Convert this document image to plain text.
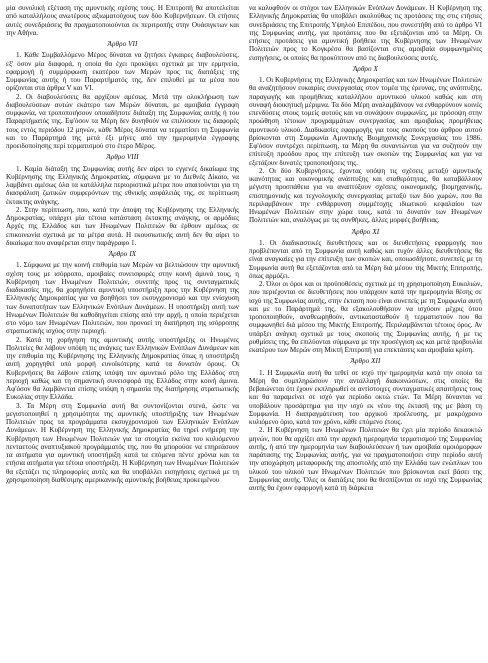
μία συνολική εξέταση της αμυντικής σχέσης τους. Η Επιτροπή θα αποτελείται από καταλλήλους ανωτέρους αξιωματούχους των δύο Κυβερνήσεων. Οι ετήσιες αυτές συνεδριάσεις θα πραγματοποιούνται εκ περιτροπής στην Ουάσιγκτων και την Αθήνα.

Άρθρο VII

1. Κάθε Συμβαλλόμενο Μέρος δύναται να ζητήσει έγκαιρες διαβουλεύσεις, εξ' όσον μία διαφορά, η οποία θα έχει προκύψει σχετικά με την ερμηνεία, εφαρμογή ή συμμόρφωση εκατέρου των Μερών προς τις διατάξεις της Συμφωνίας αυτής ή του Παραρτήματός της, δεν επιλυθεί με τα μέσα που ορίζονται στα άρθρα V και VI.

2. Οι διαβουλεύσεις θα αρχίζουν αμέσως. Μετά την ολοκλήρωση των διαβουλεύσεων αυτών εκάτερο των Μερών δύναται, με αμοιβαία έγγραφη συμφωνία, να τροποποιήσουν οποιαδήποτε διάταξη της Συμφωνίας αυτής ή του Παραρτήματός της. Εφ'όσον τα Μέρη δεν δυνηθούν να επιλύσουν τις διαφορές τους εντός περιόδου 12 μηνών, κάθε Μέρος δύναται να τερματίσει τη Συμφωνία και το Παράρτημά της μετά έξι μήνες από την ημερομηνία έγγραφης προειδοποίησης περί τερματισμού στο έτερο Μέρος.

Άρθρο VIII

1. Καμία διάταξη της Συμφωνίας αυτής δεν αίρει το εγγενές δικαίωμα της Κυβέρνησης της Ελληνικής Δημοκρατίας, σύμφωνα με το Διεθνές Δίκαιο, να λαμβάνει αμέσως όλα τα κατάλληλα περιοριστικά μέτρα που απαιτούνται για τη διασφάλιση ζωτικών συμφερόντων της εθνικής ασφάλειάς της, σε περίπτωση έκτακτης ανάγκης.

2. Στην περίπτωση, που, κατά την άποψη της Κυβέρνησης της Ελληνικής Δημοκρατίας, υπάρχει μία τέτοια κατάσταση έκτακτης ανάγκης, οι αρμόδιες Αρχές της Ελλάδος και των Ηνωμένων Πολιτειών θα έρθουν αμέσως σε επικοινωνία σχετικά με τα μέτρα αυτά. Η εκουσιωτικής αυτή δεν θα αίρει το δικαίωμα που αναφέρεται στην παράγραφο 1.

Άρθρο IX

1. Σύμφωνα με την κοινή επιθυμία των Μερών να βελτιώσουν την αμυντική σχέση τους με ισόρροπο, αμοιβαίες συνεισφορές στην κοινή άμυνά τους, η Κυβέρνηση των Ηνωμένων Πολιτειών, συνεπής προς τις συνταγματικές διαδικασίες της, θα χορηγήσει αμυντική υποστήριξη προς την Κυβέρνηση της Ελληνικής Δημοκρατίας για να βοηθήσει τον εκσυγχρονισμό και την ενίσχυση των δυνατοτήτων των Ελληνικών Ενόπλων Δυνάμεων. Η υποστήριξη αυτή των Ηνωμένων Πολιτειών θα καθοδηγείται επίσης από την αρχή, η οποία περιέχεται στο νόμο των Ηνωμένων Πολιτειών, που προνοεί τη διατήρηση της ισόρροπης στρατιωτικής ισχύος στην περιοχή.

2. Κατά τη χορήγηση της αμυντικής αυτής υποστήριξης οι Ηνωμένες Πολιτείες θα λάβουν υπόψη τις ανάγκες των Ελληνικών Ενόπλων Δυνάμεων και την επιθυμία της Κυβέρνησης της Ελληνικής Δημοκρατίας όπως η υποστήριξη αυτή χορηγηθεί υπό μορφή ευνοϊκότερης κατά τα δυνατόν όρους. Οι Κυβερνήσεις θα λάβουν επίσης υπόψη τον αμυντικό ρόλο της Ελλάδος στη περιοχή καθώς και τη σημαντική συνεισφορά της Ελλάδος στην κοινή άμυνα. Αφ'όσον θα λαμβάνεται επίσης υπόψη η σημασία της διατήρησης στρατιωτικής Ευκολίας στην Ελλάδα.

3. Τα Μέρη στη Συμφωνία αυτή θα συντονίζονται στενά, ώστε να μεγιστοποιηθεί η χρησιμότητα της αμυντικής υποστήριξης των Ηνωμένων Πολιτειών προς τα προγράμματα εκσυγχρονισμού των Ελληνικών Ενόπλων Δυνάμεων. Η Κυβέρνηση της Ελληνικής Δημοκρατίας θα τηρεί ενήμερη την Κυβέρνηση των Ηνωμένων Πολιτειών για τα στοιχεία εκείνα του κυλιόμενου πενταετούς αναπτυξιακού προγράμματός της, που θα μπορούσε να επηρεάσουν τα αιτήματα για αμυντική υποστήριξη κατά τα επόμενα πέντε χρόνια και τα ετήσια αιτήματα για τέτοια υποστήριξη. Η Κυβέρνηση των Ηνωμένων Πολιτειών θα εξετάζει τις πληροφορίες αυτές και θα υποβάλλει εισηγήσεις σχετικά με τη χρησιμοποίηση διαθέσιμης αμερικανικής αμυντικής βοήθειας προκειμένου

να καλυφθούν οι στόχοι των Ελληνικών Ενόπλων Δυνάμεων. Η Κυβέρνηση της Ελληνικής Δημοκρατίας θα υποβάλει ακολούθως τις προτάσεις της στις ετήσιες συνεδριάσεις της Επιτροπής Υψηλού Επιπέδου, που συνεστήθη από το άρθρο VI της Συμφωνίας αυτής, για προτάσεις που θα εξετάζονται από τα Μέρη. Οι ετήσιες προτάσεις για αμυντική βοήθεια της Κυβέρνησης των Ηνωμένων Πολιτειών προς το Κογκρέσο θα βασίζονται στις αμοιβαία συμφωνημένες εισηγήσεις, οι οποίες θα προκύπτουν από τις διαβουλεύσεις αυτές.

Άρθρο X

1. Οι Κυβερνήσεις της Ελληνικής Δημοκρατίας και των Ηνωμένων Πολιτειών θα αναζητήσουν ευκαιρίες συνεργασίας στον τομέα της έρευνας, της ανάπτυξης, παραγωγής και προμήθειας καταλλήλου αμυντικού υλικού καθώς και στη συναφή διοικητική μέριμνα. Τα δύο Μέρη αναλαμβάνουν να ενθαρρύνουν κοινές επενδύσεις στους τομείς αυτούς και να συνάψουν συμφωνίες, με πρόσοψη στην προώθηση τέτοιων προγραμμάτων συνεργασίας και αμοιβαίως προμήθειας αμυντικού υλικού. Διαδικασίες εφαρμογής για τους σκοπούς του άρθρου αυτού βρίσκονται στη Συμφωνία Αμυντικής Βιομηχανικής Συνεργασίας του 1986. Εφ'όσον συντρέχει περίπτωση, τα Μέρη θα συναντώνται για να συζητούν την επίτευξη προόδου προς την επίτευξη των σκοπών της Συμφωνίας και για να εξετάζουν δυνατές τροποποιήσεις της.

2. Οι δύο Κυβερνήσεις, έχοντας υπόψη τις σχέσεις μεταξύ αμυντικής ικανότητας και οικονομικής ανάπτυξης και σταθερότητας, θα καταβάλλουν μέγιστη προσπάθεια για να αναπτύξουν σχέσεις οικονομικής, βιομηχανικής, επιστημονικής και τεχνολογικής συνεργασίας μεταξύ των δύο χωρών, που θα περιλαμβάνουν την ενθάρρυνση συμμέτοχης ιδιωτικού κεφαλαίου των Ηνωμένων Πολιτειών στην χώρα τους, κατά το δυνατόν των Ηνωμένων Πολιτειών και, αναλόγως με τις συνθήκες, άλλες μορφές βοήθειας.

Άρθρο XI

1. Οι διαδικαστικές διευθετήσεις και οι διευθετήσεις εφαρμογής που προβλέπονται από τη Συμφωνία αυτή καθώς και τυχόν άλλες διευθετήσεις θα είναι αναγκαίες για την επίτευξη των σκοπών και, οποιωσδήποτε, συνεπείς με τη Συμφωνία αυτή θα εξετάζονται από τα Μέρη διά μέσου της Μικτής Επιτροπής, όπως αρμόζει.

2. Όλοι οι όροι και οι προϋποθέσεις σχετικά με τη χρησιμοποίηση Ευκολιών, που περιέχονται σε διευθετήσεις που υπάρχουν κατά την ημερομηνία θέσης σε ισχύ της Συμφωνίας αυτής, στην έκταση που είναι συνεπείς με τη Συμφωνία αυτή και με το Παράρτημά της, θα εξακολουθήσουν να ισχύουν μέχρις ότου τροποποιηθούν, αναθεωρηθούν, αντικατασταθούν ή τερματιστούν που θα συμφωνηθεί διά μέσου της Μικτής Επιτροπής. Περιλαμβάνεται τέτοιος όρος. Αν υπάρξει ανάγκη σχετικά με τους σκοπούς της Συμφωνίας αυτής, ή με τις ρυθμίσεις της, θα επιλύονται σύμφωνα με την προσέγγιση ως και μετά προβουλία εκατέρου των Μερών στη Μικτή Επιτροπή για επεκτάσεις και αμοιβαία κρίση.

Άρθρο XII

1. Η Συμφωνία αυτή θα τεθεί σε ισχύ την ημερομηνία κατά την οποία τα Μέρη θα συμπληρώσουν την ανταλλαγή διακοινώσεων, στις οποίες θα βεβαιώνεται ότι έχουν εκπληρωθεί οι αντίστοιχες συνταγματικές απαιτήσεις τους και θα παραμείνει σε ισχύ για περίοδο οκτώ ετών. Τα Μέρη δύνανται να υποβάλουν προσάρτημα για την ισχύ εκ νέου της έκτασή της με βάση τη Συμφωνία. Η διαπραγμάτευση του αρχικού προέλευσης, με μακρόχρονο κυλιόμενο όριο, κατά τον χρόνο, κάθε επόμενο έτους.

2. Η Κυβέρνηση των Ηνωμένων Πολιτειών θα έχει μία περίοδο δεκαοκτώ μηνών, που θα αρχίζει από την αρχική ημερομηνία τερματισμού της Συμφωνίας αυτής, ή από την ημερομηνία των διαβουλεύσεων ή των αμοιβαία ομοιόμορφων παράτασης της Συμφωνίας αυτής, για να πραγματοποιήσει στην περίοδο αυτή την αποχώρηση μεταφορικής της αποστολής από την Ελλάδα των ενώπλιων του υλικού του υλικού των Ηνωμένων Πολιτειών που βρίσκονται εκεί βάσει της Συμφωνίας αυτής. Όλες οι διατάξεις που θα θεσπίζονται σε ισχύ της Συμφωνίας αυτής θα έχουν εφαρμογή κατά τη διάρκεια
